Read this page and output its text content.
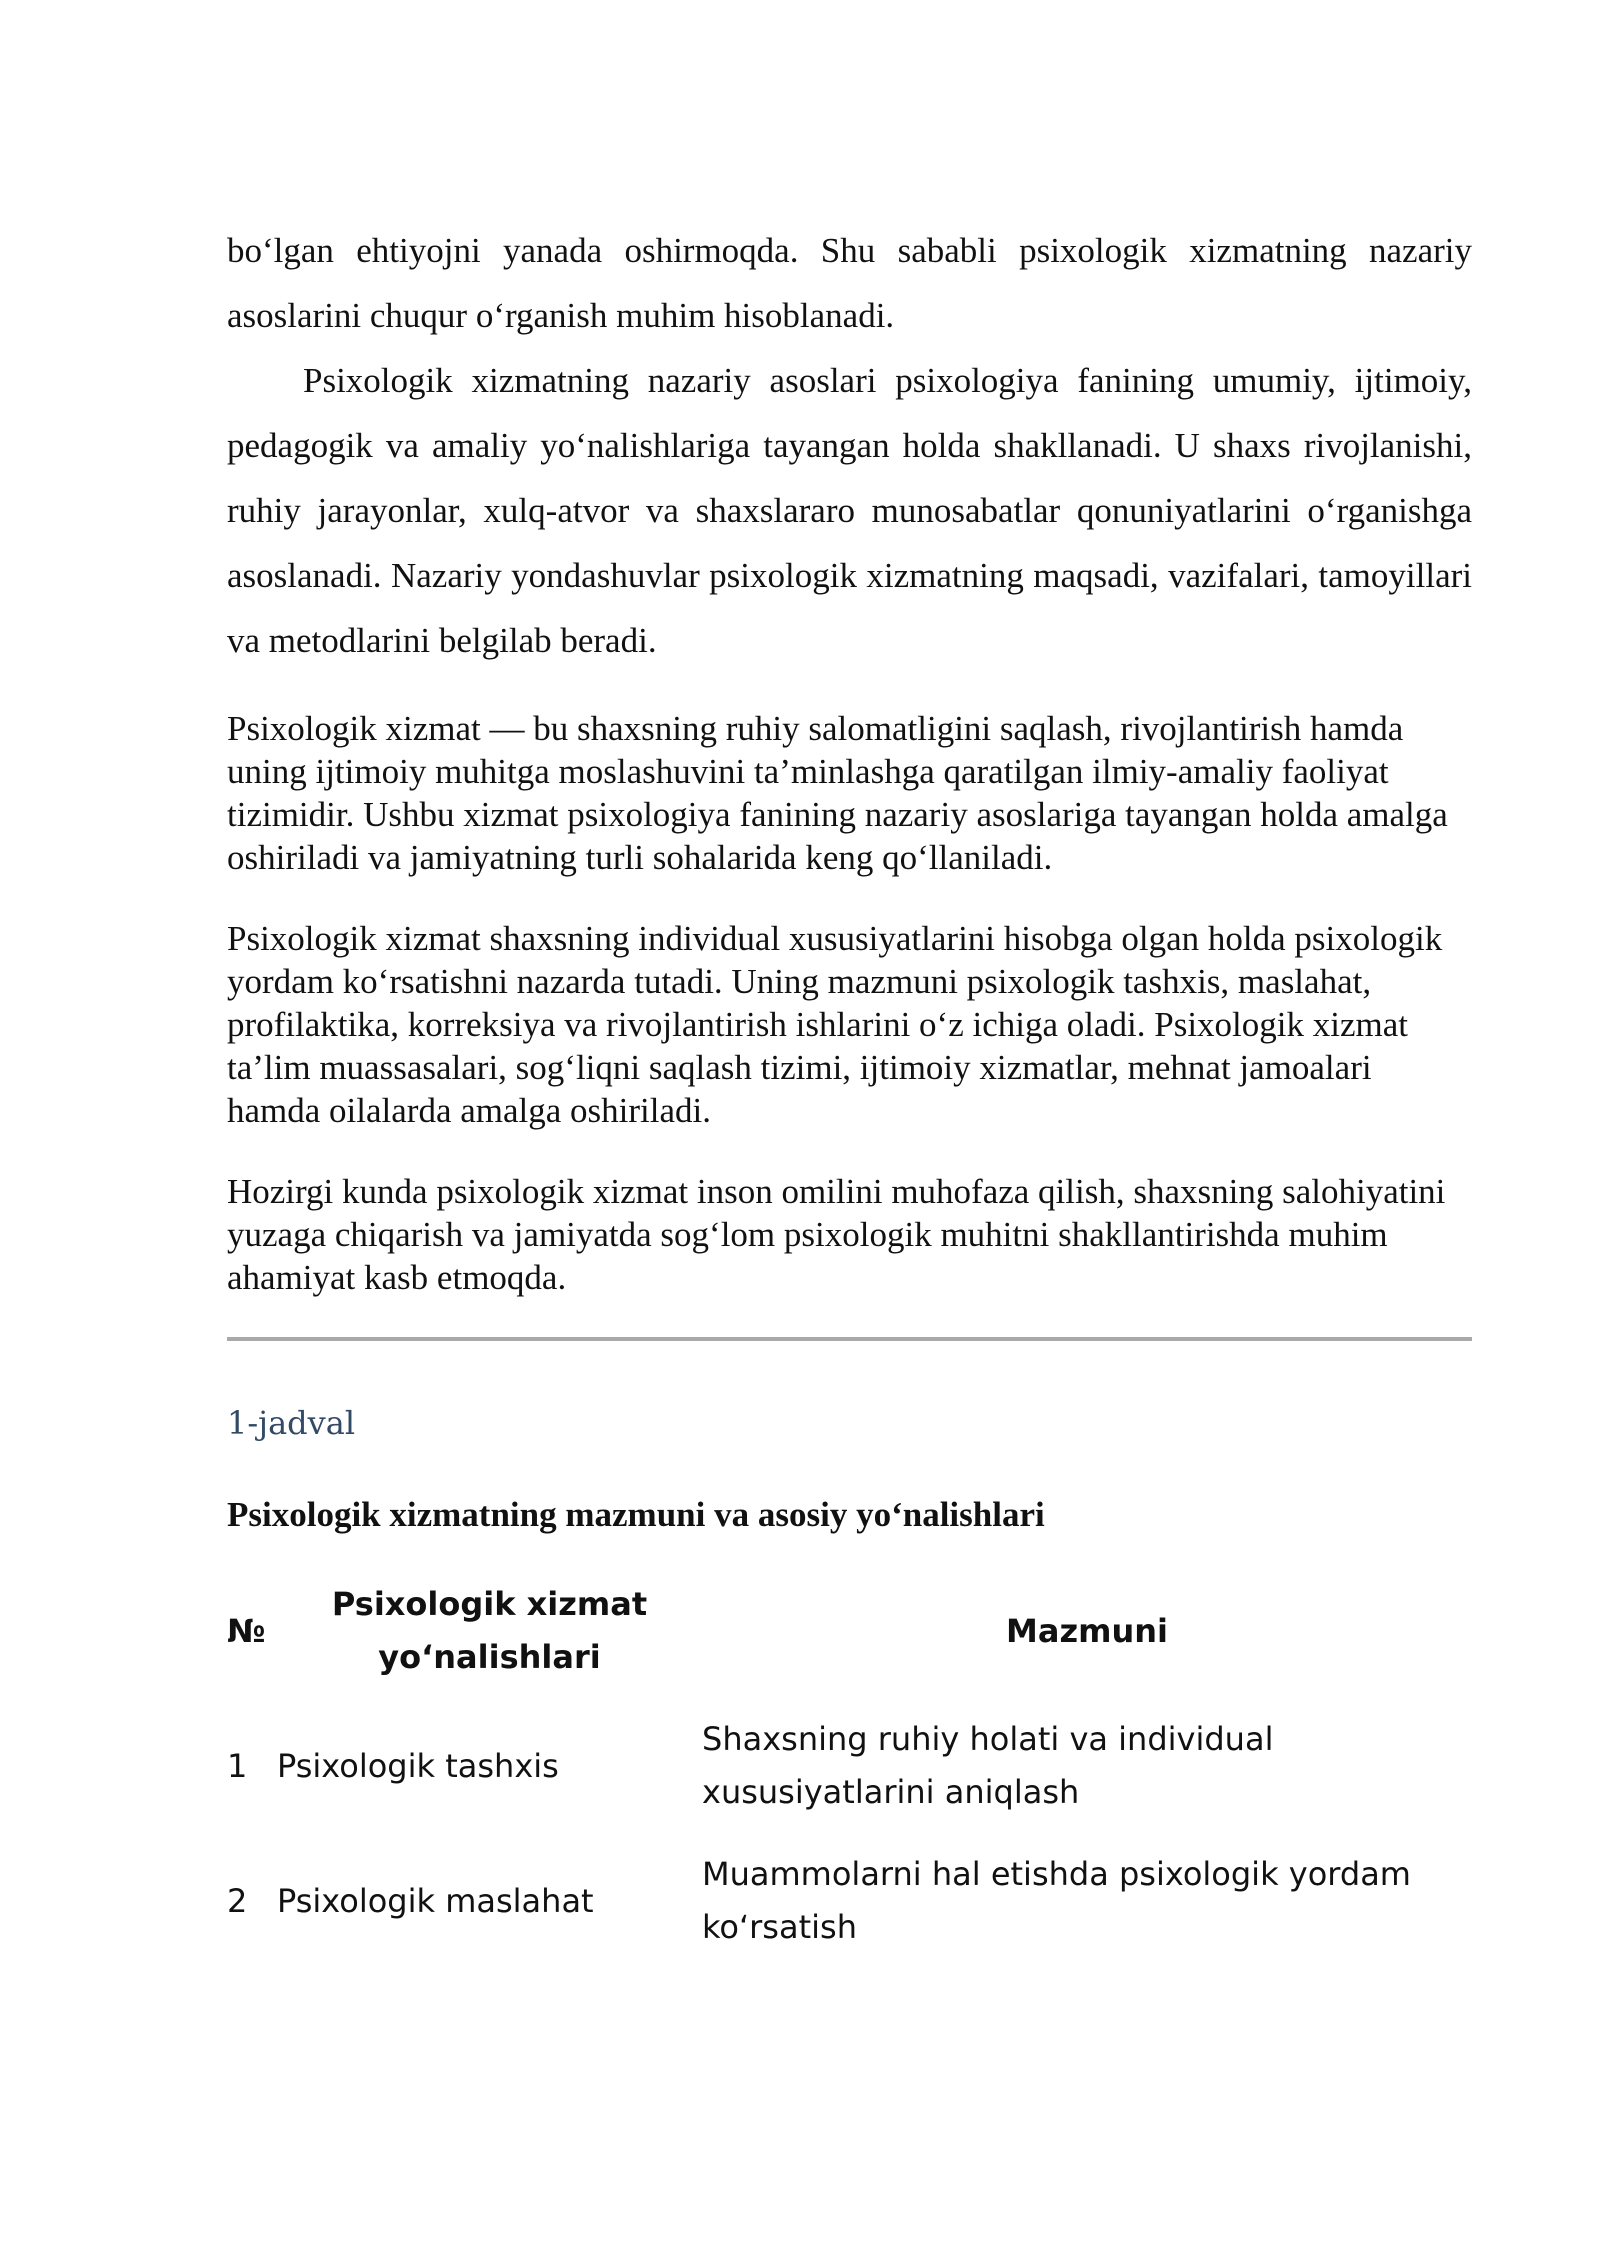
bo‘lgan ehtiyojni yanada oshirmoqda. Shu sababli psixologik xizmatning nazariy asoslarini chuqur o‘rganish muhim hisoblanadi.

Psixologik xizmatning nazariy asoslari psixologiya fanining umumiy, ijtimoiy, pedagogik va amaliy yo‘nalishlariga tayangan holda shakllanadi. U shaxs rivojlanishi, ruhiy jarayonlar, xulq-atvor va shaxslararo munosabatlar qonuniyatlarini o‘rganishga asoslanadi. Nazariy yondashuvlar psixologik xizmatning maqsadi, vazifalari, tamoyillari va metodlarini belgilab beradi.

Psixologik xizmat — bu shaxsning ruhiy salomatligini saqlash, rivojlantirish hamda uning ijtimoiy muhitga moslashuvini ta’minlashga qaratilgan ilmiy-amaliy faoliyat tizimidir. Ushbu xizmat psixologiya fanining nazariy asoslariga tayangan holda amalga oshiriladi va jamiyatning turli sohalarida keng qo‘llaniladi.

Psixologik xizmat shaxsning individual xususiyatlarini hisobga olgan holda psixologik yordam ko‘rsatishni nazarda tutadi. Uning mazmuni psixologik tashxis, maslahat, profilaktika, korreksiya va rivojlantirish ishlarini o‘z ichiga oladi. Psixologik xizmat ta’lim muassasalari, sog‘liqni saqlash tizimi, ijtimoiy xizmatlar, mehnat jamoalari hamda oilalarda amalga oshiriladi.

Hozirgi kunda psixologik xizmat inson omilini muhofaza qilish, shaxsning salohiyatini yuzaga chiqarish va jamiyatda sog‘lom psixologik muhitni shakllantirishda muhim ahamiyat kasb etmoqda.

1-jadval
Psixologik xizmatning mazmuni va asosiy yo‘nalishlari
№	Psixologik xizmat yo‘nalishlari	Mazmuni
1	Psixologik tashxis	Shaxsning ruhiy holati va individual xususiyatlarini aniqlash
2	Psixologik maslahat	Muammolarni hal etishda psixologik yordam ko‘rsatish
